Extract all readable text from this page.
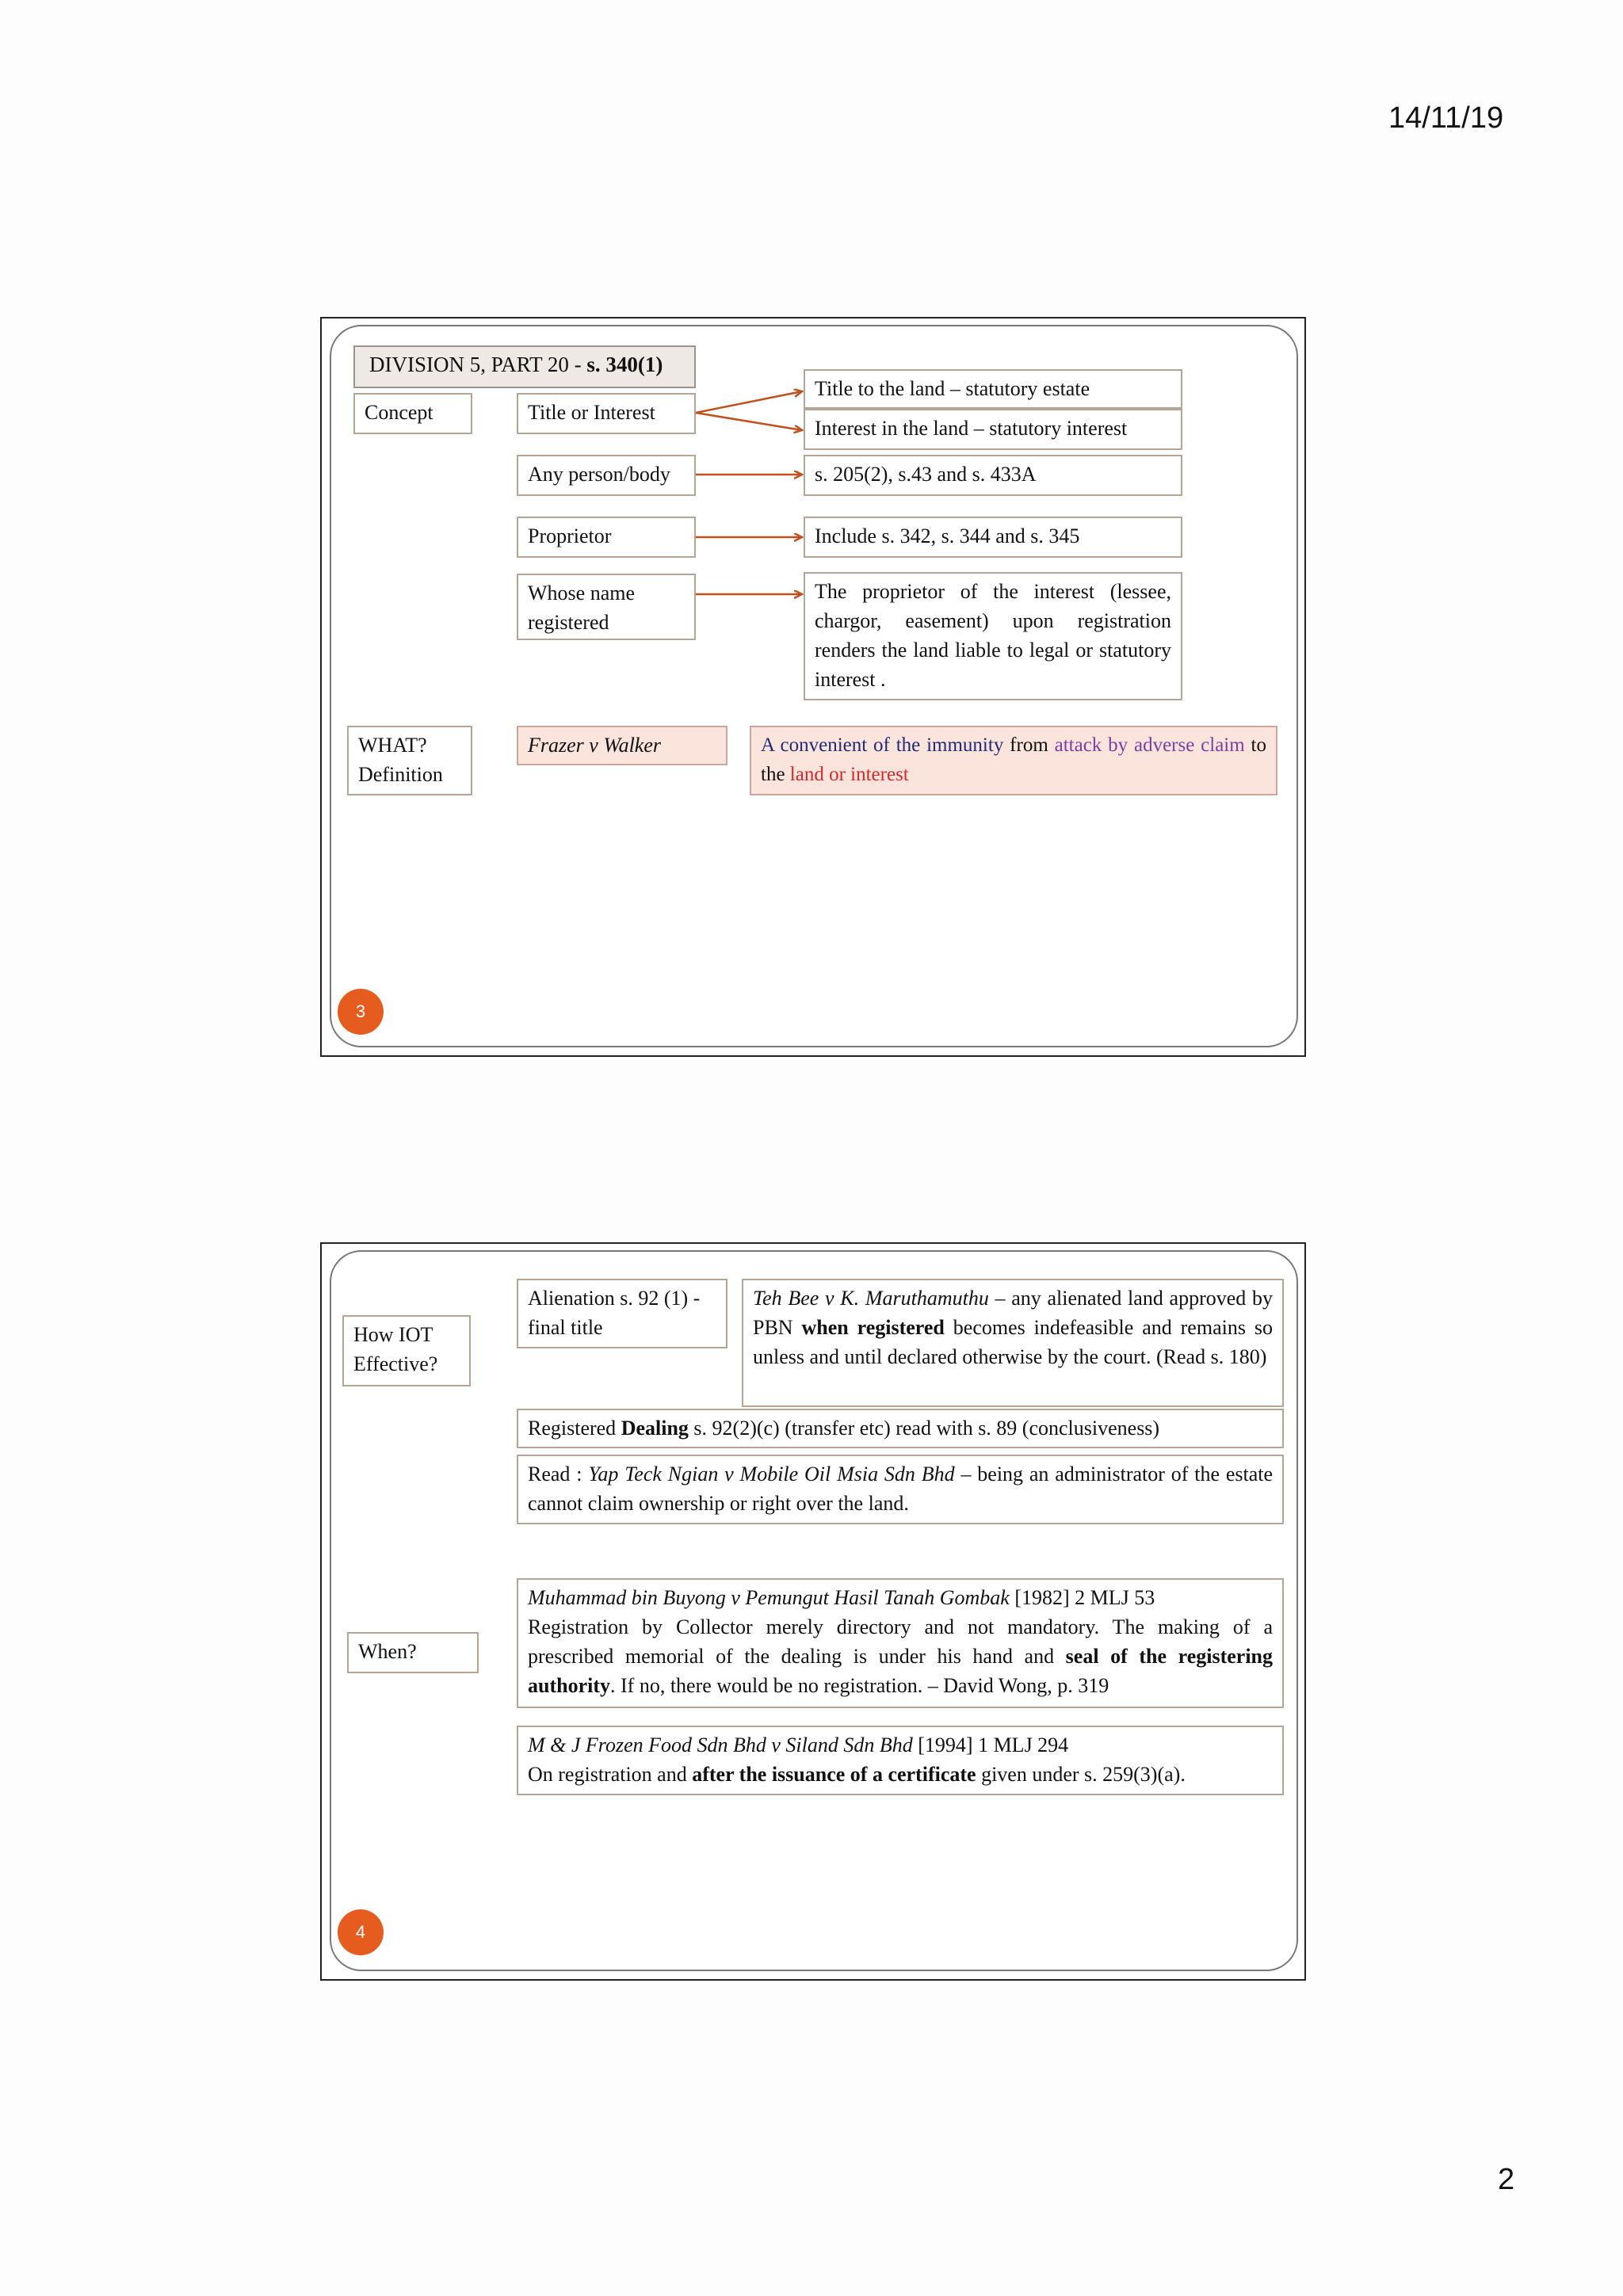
14/11/19
2
DIVISION 5, PART 20 - s. 340(1)
Concept	Title or Interest
Title to the land – statutory estate
Interest in the land – statutory interest
Any person/body	s. 205(2), s.43 and s. 433A
Proprietor	Include s. 342, s. 344 and s. 345
Whose name registered
The proprietor of the interest (lessee, chargor, easement) upon registration renders the land liable to legal or statutory interest .
WHAT? Definition
Frazer v Walker	A convenient of the immunity from attack by adverse claim to the land or interest
3
How IOT Effective?
Alienation s. 92 (1) -final title
Teh Bee v K. Maruthamuthu – any alienated land approved by PBN when registered becomes indefeasible and remains so unless and until declared otherwise by the court. (Read s. 180)
Registered Dealing s. 92(2)(c) (transfer etc) read with s. 89 (conclusiveness)
Read : Yap Teck Ngian v Mobile Oil Msia Sdn Bhd – being an administrator of the estate cannot claim ownership or right over the land.
When?
Muhammad bin Buyong v Pemungut Hasil Tanah Gombak [1982] 2 MLJ 53
Registration by Collector merely directory and not mandatory. The making of a prescribed memorial of the dealing is under his hand and seal of the registering authority. If no, there would be no registration. – David Wong, p. 319
M & J Frozen Food Sdn Bhd v Siland Sdn Bhd [1994] 1 MLJ 294
On registration and after the issuance of a certificate given under s. 259(3)(a).
4
